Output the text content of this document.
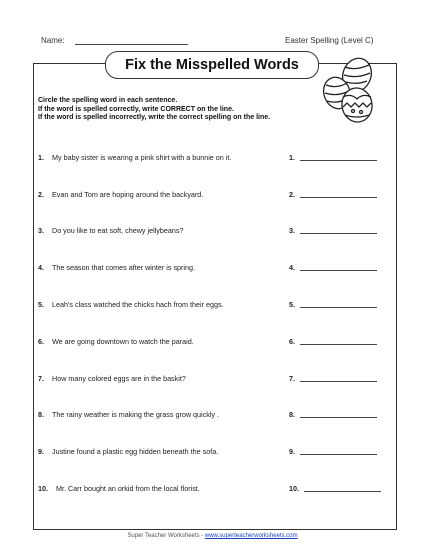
Name:	Easter Spelling (Level C)
Fix the Misspelled Words
Circle the spelling word in each sentence.
If the word is spelled correctly, write CORRECT on the line.
If the word is spelled incorrectly, write the correct spelling on the line.
1. My baby sister is wearing a pink shirt with a bunnie on it.	1.
2. Evan and Tom are hoping around the backyard.	2.
3. Do you like to eat soft, chewy jellybeans?	3.
4. The season that comes after winter is spring.	4.
5. Leah's class watched the chicks hach from their eggs.	5.
6. We are going downtown to watch the paraid.	6.
7. How many colored eggs are in the baskit?	7.
8. The rainy weather is making the grass grow quickly .	8.
9. Justine found a plastic egg hidden beneath the sofa.	9.
10. Mr. Carr bought an orkid from the local florist.	10.
Super Teacher Worksheets - www.superteacherworksheets.com
